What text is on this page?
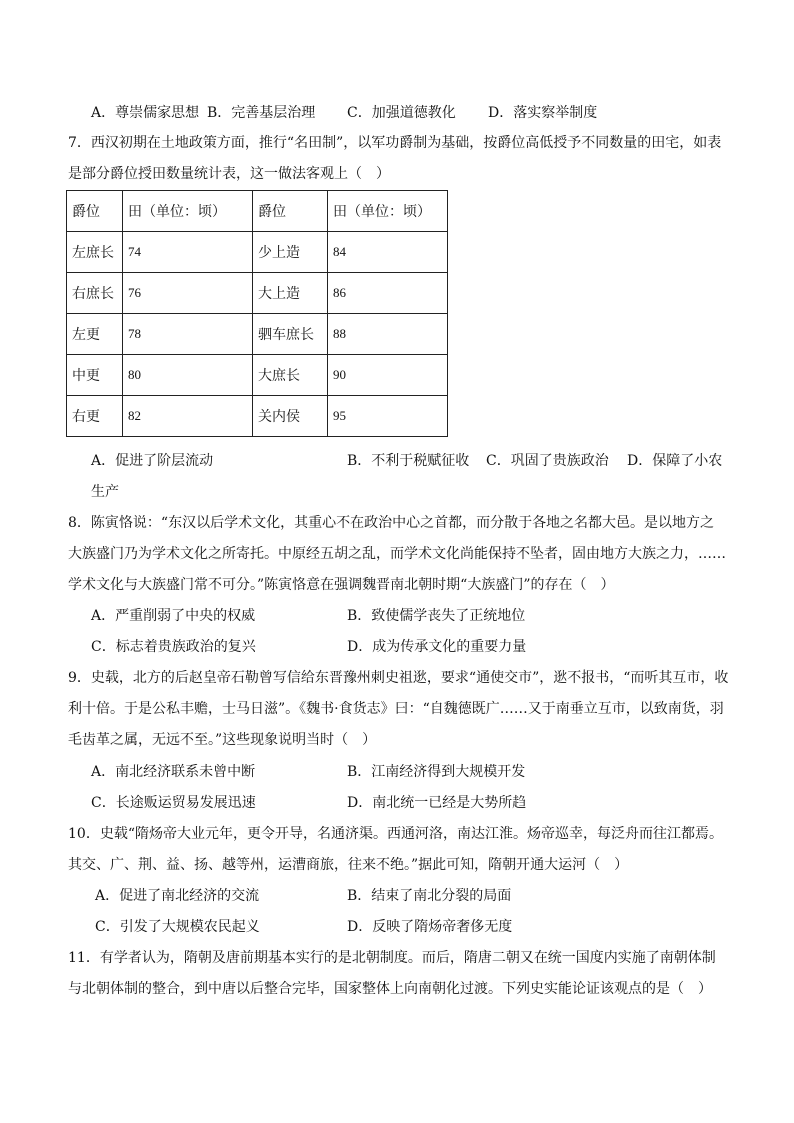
A．尊崇儒家思想 B．完善基层治理 C．加强道德教化 D．落实察举制度
7．西汉初期在土地政策方面，推行“名田制”，以军功爵制为基础，按爵位高低授予不同数量的田宅，如表
是部分爵位授田数量统计表，这一做法客观上（　）
爵位	田（单位：顷）	爵位	田（单位：顷）
左庶长	74	少上造	84
右庶长	76	大上造	86
左更	78	驷车庶长	88
中更	80	大庶长	90
右更	82	关内侯	95
A．促进了阶层流动	B．不利于税赋征收 C．巩固了贵族政治 D．保障了小农
生产
8．陈寅恪说：“东汉以后学术文化，其重心不在政治中心之首都，而分散于各地之名都大邑。是以地方之
大族盛门乃为学术文化之所寄托。中原经五胡之乱，而学术文化尚能保持不坠者，固由地方大族之力，……
学术文化与大族盛门常不可分。”陈寅恪意在强调魏晋南北朝时期“大族盛门”的存在（　）
A．严重削弱了中央的权威	B．致使儒学丧失了正统地位
C．标志着贵族政治的复兴	D．成为传承文化的重要力量
9．史载，北方的后赵皇帝石勒曾写信给东晋豫州刺史祖逖，要求“通使交市”，逖不报书，“而听其互市，收
利十倍。于是公私丰赡，士马日滋”。《魏书·食货志》曰：“自魏德既广……又于南垂立互市，以致南货，羽
毛齿革之属，无远不至。”这些现象说明当时（　）
A．南北经济联系未曾中断	B．江南经济得到大规模开发
C．长途贩运贸易发展迅速	D．南北统一已经是大势所趋
10．史载“隋炀帝大业元年，更令开导，名通济渠。西通河洛，南达江淮。炀帝巡幸，每泛舟而往江都焉。
其交、广、荆、益、扬、越等州，运漕商旅，往来不绝。”据此可知，隋朝开通大运河（　）
A．促进了南北经济的交流	B．结束了南北分裂的局面
C．引发了大规模农民起义	D．反映了隋炀帝奢侈无度
11．有学者认为，隋朝及唐前期基本实行的是北朝制度。而后，隋唐二朝又在统一国度内实施了南朝体制
与北朝体制的整合，到中唐以后整合完毕，国家整体上向南朝化过渡。下列史实能论证该观点的是（　）
